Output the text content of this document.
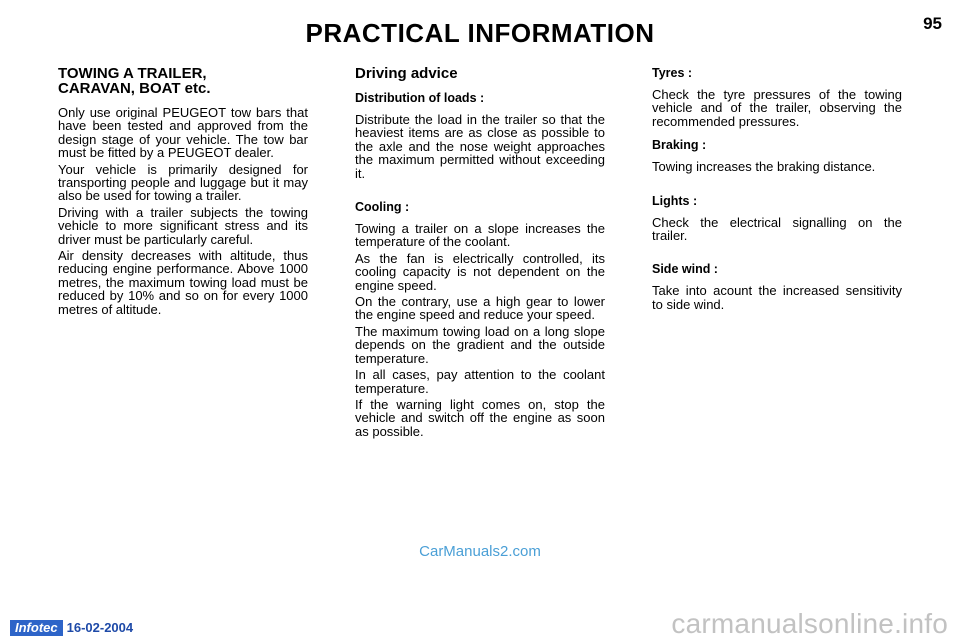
PRACTICAL INFORMATION	95
TOWING A TRAILER,
CARAVAN, BOAT etc.

Only use original PEUGEOT tow bars that have been tested and approved from the design stage of your vehicle. The tow bar must be fitted by a PEUGEOT dealer.

Your vehicle is primarily designed for transporting people and luggage but it may also be used for towing a trailer.

Driving with a trailer subjects the towing vehicle to more significant stress and its driver must be particularly careful.

Air density decreases with altitude, thus reducing engine performance. Above 1000 metres, the maximum towing load must be reduced by 10% and so on for every 1000 metres of altitude.

Driving advice
Distribution of loads :

Distribute the load in the trailer so that the heaviest items are as close as possible to the axle and the nose weight approaches the maximum permitted without exceeding it.

Cooling :

Towing a trailer on a slope increases the temperature of the coolant.

As the fan is electrically controlled, its cooling capacity is not dependent on the engine speed.

On the contrary, use a high gear to lower the engine speed and reduce your speed.

The maximum towing load on a long slope depends on the gradient and the outside temperature.

In all cases, pay attention to the coolant temperature.

If the warning light comes on, stop the vehicle and switch off the engine as soon as possible.

Tyres :

Check the tyre pressures of the towing vehicle and of the trailer, observing the recommended pressures.

Braking :

Towing increases the braking distance.

Lights :

Check the electrical signalling on the trailer.

Side wind :

Take into acount the increased sensitivity to side wind.

CarManuals2.com
Infotec 16-02-2004	carmanualsonline.info
